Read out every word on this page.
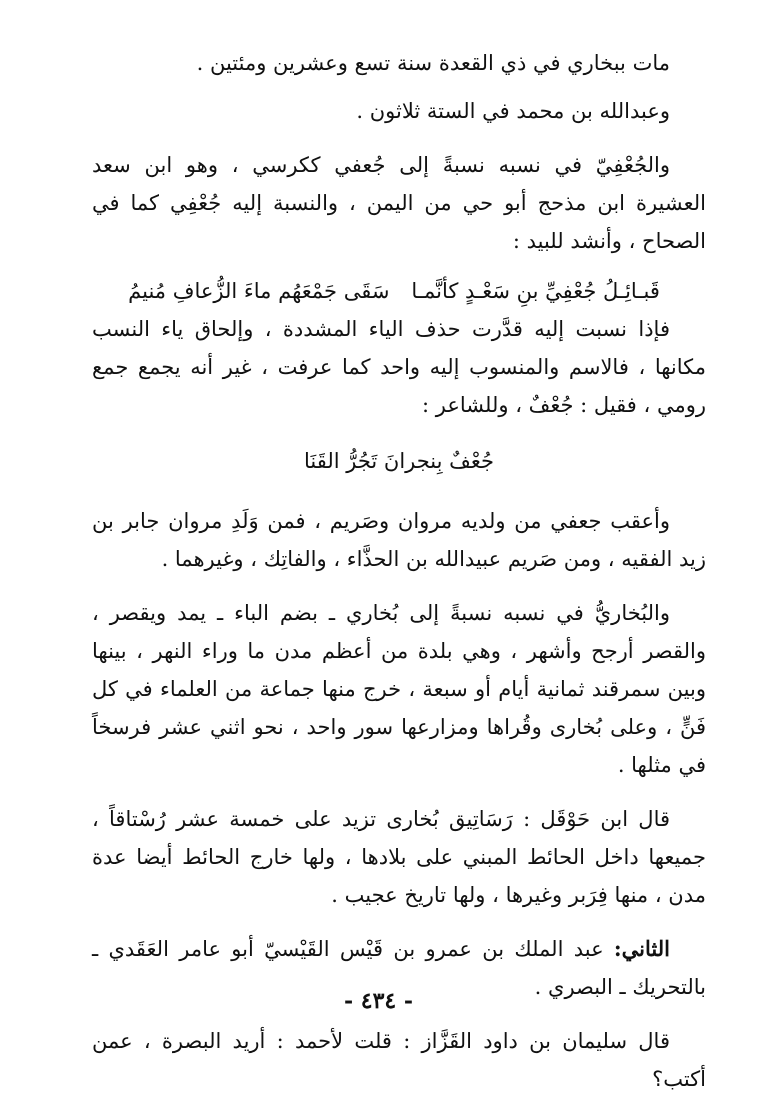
مات ببخاري في ذي القعدة سنة تسع وعشرين ومئتين .

وعبدالله بن محمد في الستة ثلاثون .

والجُعْفِيّ في نسبه نسبةً إلى جُعفي ككرسي ، وهو ابن سعد العشيرة ابن مذحج أبو حي من اليمن ، والنسبة إليه جُعْفِي كما في الصحاح ، وأنشد للبيد :

قَبـائِـلُ جُعْفِيِّ بنِ سَعْـدٍ كأنَّمـاسَقَى جَمْعَهُم ماءَ الزُّعافِ مُنيمُ

فإذا نسبت إليه قدَّرت حذف الياء المشددة ، وإلحاق ياء النسب مكانها ، فالاسم والمنسوب إليه واحد كما عرفت ، غير أنه يجمع جمع رومي ، فقيل : جُعْفٌ ، وللشاعر :

جُعْفٌ بِنجرانَ تَجُرُّ القَنَا

وأعقب جعفي من ولديه مروان وصَريم ، فمن وَلَدِ مروان جابر بن زيد الفقيه ، ومن صَريم عبيدالله بن الحذَّاء ، والفاتِك ، وغيرهما .

والبُخاريُّ في نسبه نسبةً إلى بُخاري ـ بضم الباء ـ يمد ويقصر ، والقصر أرجح وأشهر ، وهي بلدة من أعظم مدن ما وراء النهر ، بينها وبين سمرقند ثمانية أيام أو سبعة ، خرج منها جماعة من العلماء في كل فَنٍّ ، وعلى بُخارى وقُراها ومزارعها سور واحد ، نحو اثني عشر فرسخاً في مثلها .

قال ابن حَوْقَل : رَسَاتِيق بُخارى تزيد على خمسة عشر رُسْتاقاً ، جميعها داخل الحائط المبني على بلادها ، ولها خارج الحائط أيضا عدة مدن ، منها فِرَبر وغيرها ، ولها تاريخ عجيب .

الثاني: عبد الملك بن عمرو بن قَيْس القَيْسيّ أبو عامر العَقَدي ـ بالتحريك ـ البصري .

قال سليمان بن داود القَزَّاز : قلت لأحمد : أريد البصرة ، عمن أكتب؟

- ٤٣٤ -
